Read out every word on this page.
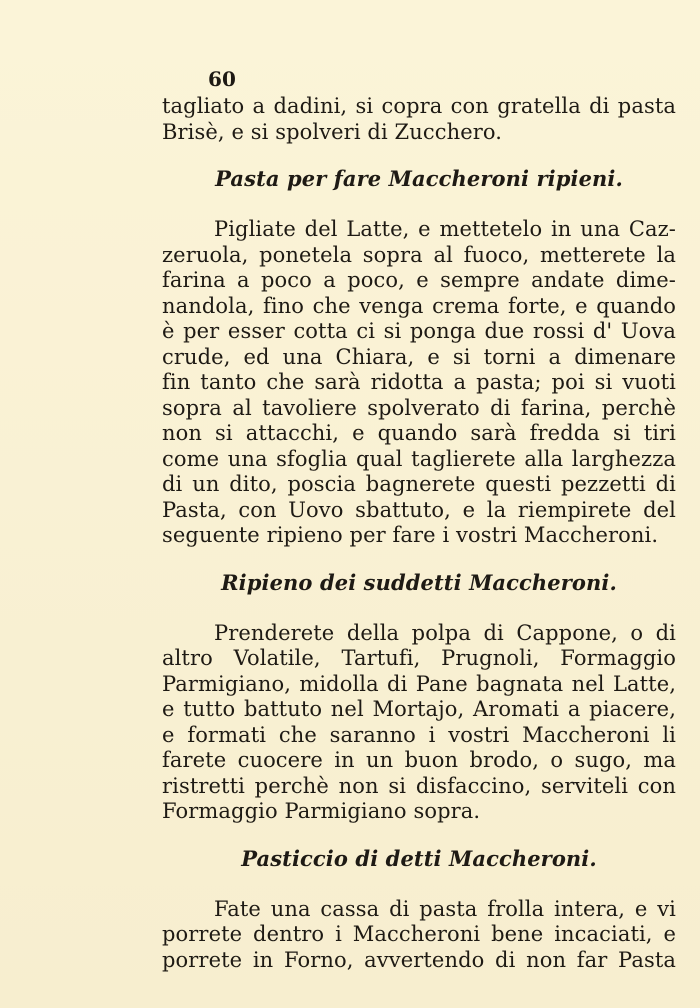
60
tagliato a dadini, si copra con gratella di pasta
Brisè, e si spolveri di Zucchero.
Pasta per fare Maccheroni ripieni.
Pigliate del Latte, e mettetelo in una Caz-
zeruola, ponetela sopra al fuoco, metterete la
farina a poco a poco, e sempre andate dime-
nandola, fino che venga crema forte, e quando
è per esser cotta ci si ponga due rossi d' Uova
crude, ed una Chiara, e si torni a dimenare
fin tanto che sarà ridotta a pasta; poi si vuoti
sopra al tavoliere spolverato di farina, perchè
non si attacchi, e quando sarà fredda si tiri
come una sfoglia qual taglierete alla larghezza
di un dito, poscia bagnerete questi pezzetti di
Pasta, con Uovo sbattuto, e la riempirete del
seguente ripieno per fare i vostri Maccheroni.
Ripieno dei suddetti Maccheroni.
Prenderete della polpa di Cappone, o di
altro Volatile, Tartufi, Prugnoli, Formaggio
Parmigiano, midolla di Pane bagnata nel Latte,
e tutto battuto nel Mortajo, Aromati a piacere,
e formati che saranno i vostri Maccheroni li
farete cuocere in un buon brodo, o sugo, ma
ristretti perchè non si disfaccino, serviteli con
Formaggio Parmigiano sopra.
Pasticcio di detti Maccheroni.
Fate una cassa di pasta frolla intera, e vi
porrete dentro i Maccheroni bene incaciati, e
porrete in Forno, avvertendo di non far Pasta
